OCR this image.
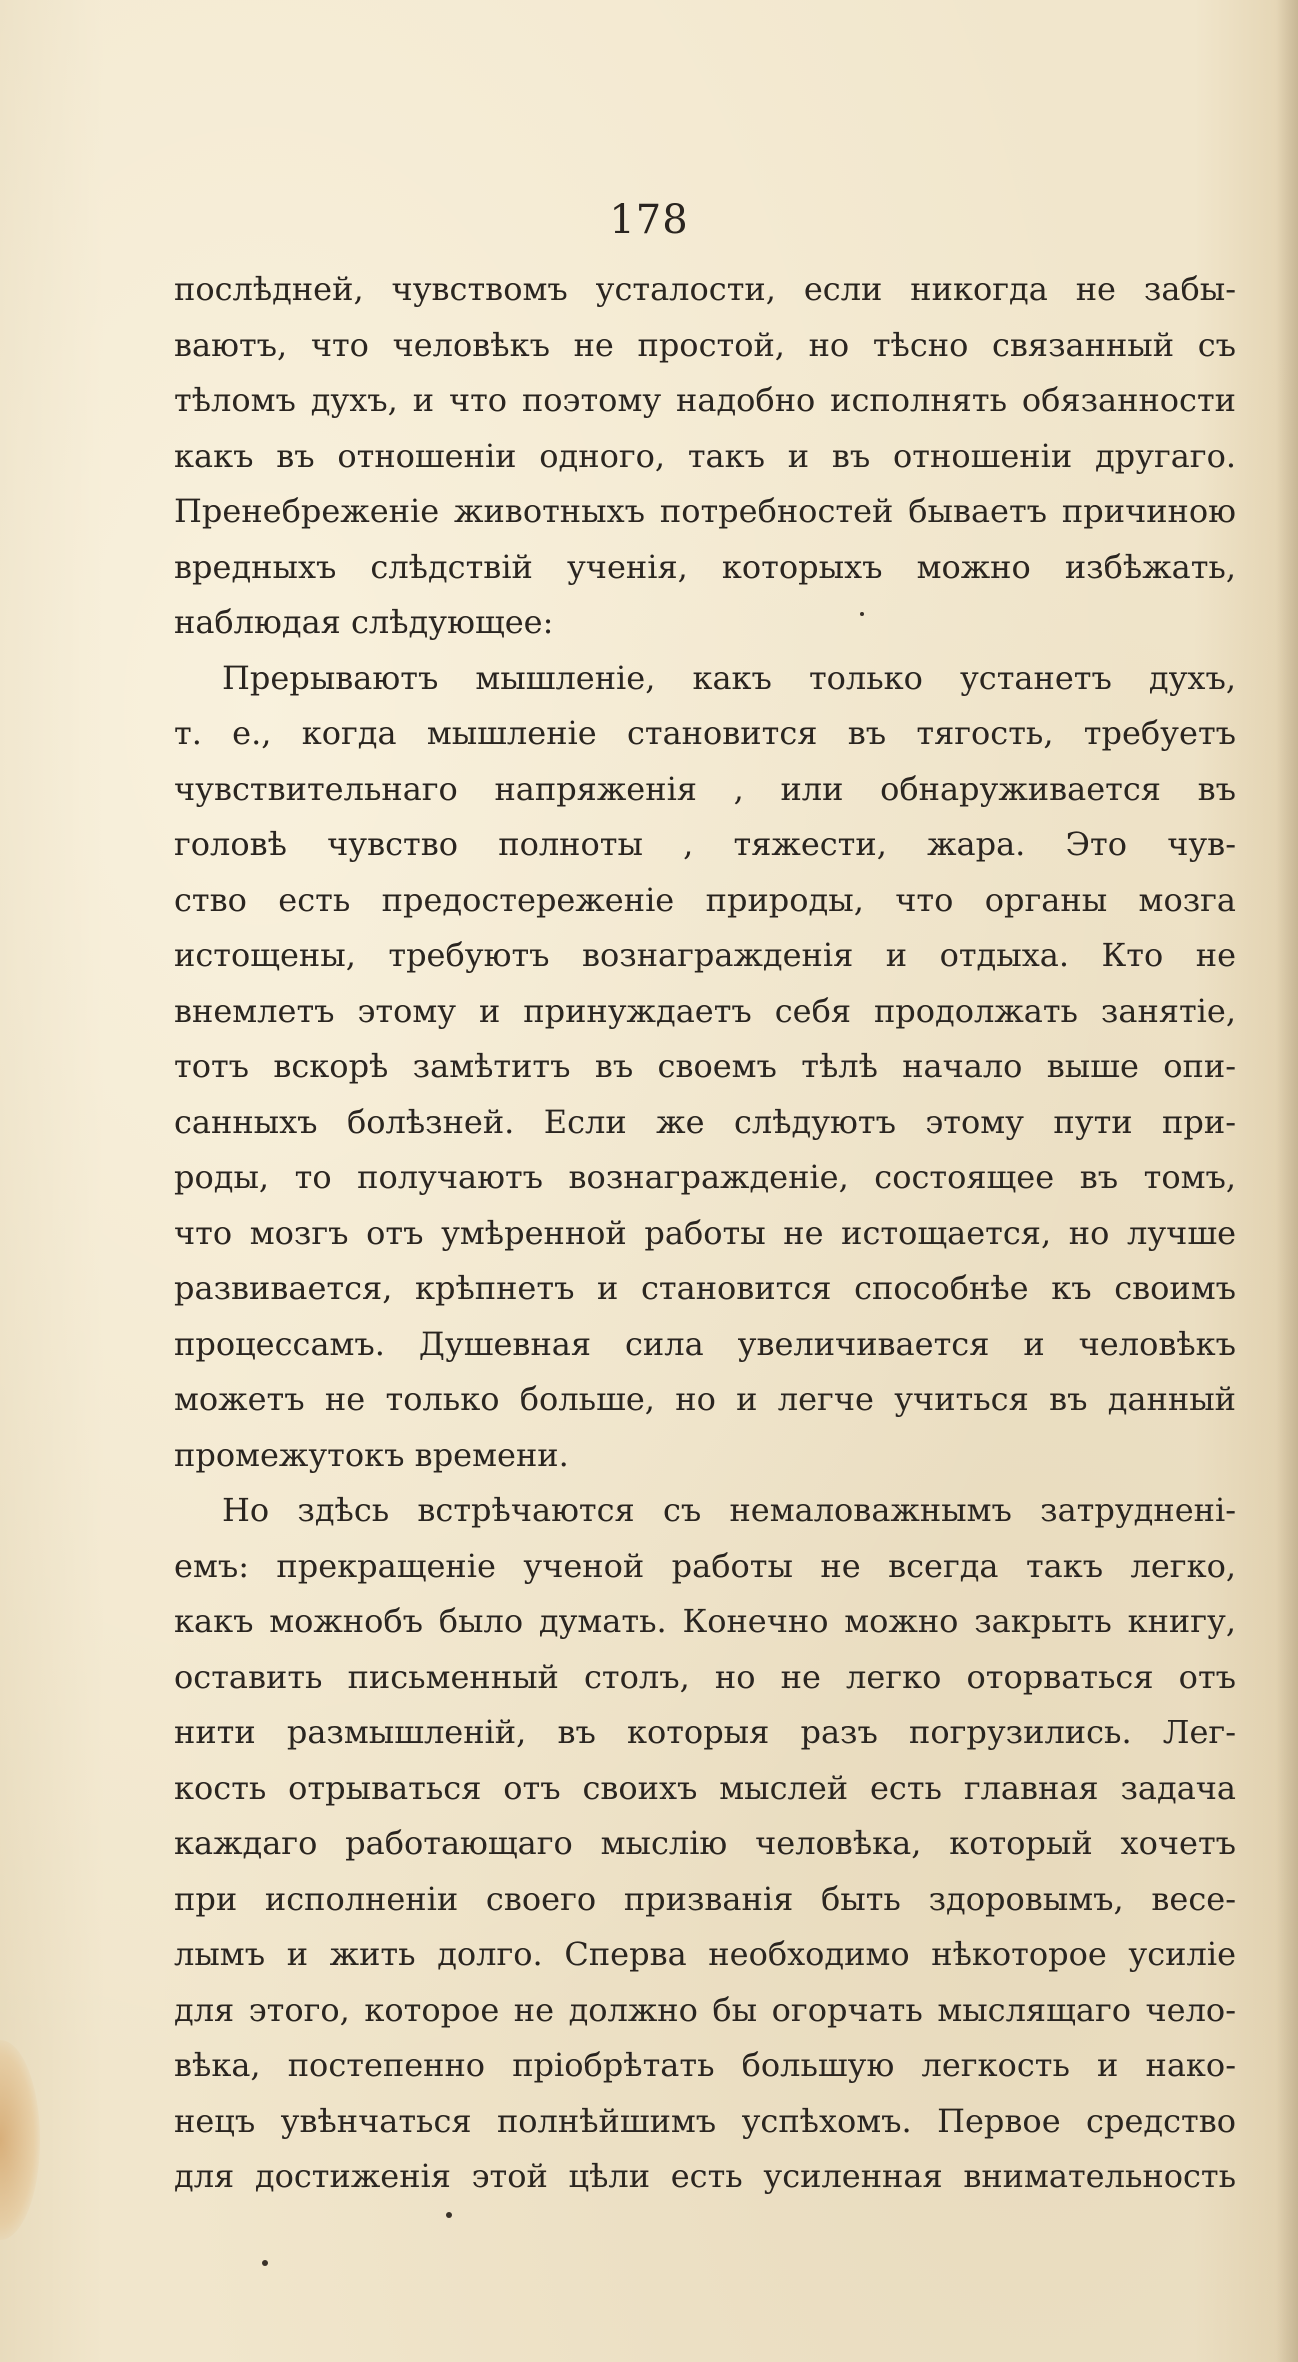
178
послѣдней, чувствомъ усталости, если никогда не забы-
ваютъ, что человѣкъ не простой, но тѣсно связанный съ
тѣломъ духъ, и что поэтому надобно исполнять обязанности
какъ въ отношеніи одного, такъ и въ отношеніи другаго.
Пренебреженіе животныхъ потребностей бываетъ причиною
вредныхъ слѣдствій ученія, которыхъ можно избѣжать,
наблюдая слѣдующее:
Прерываютъ мышленіе, какъ только устанетъ духъ,
т. е., когда мышленіе становится въ тягость, требуетъ
чувствительнаго напряженія , или обнаруживается въ
головѣ чувство полноты , тяжести, жара. Это чув-
ство есть предостереженіе природы, что органы мозга
истощены, требуютъ вознагражденія и отдыха. Кто не
внемлетъ этому и принуждаетъ себя продолжать занятіе,
тотъ вскорѣ замѣтитъ въ своемъ тѣлѣ начало выше опи-
санныхъ болѣзней. Если же слѣдуютъ этому пути при-
роды, то получаютъ вознагражденіе, состоящее въ томъ,
что мозгъ отъ умѣренной работы не истощается, но лучше
развивается, крѣпнетъ и становится способнѣе къ своимъ
процессамъ. Душевная сила увеличивается и человѣкъ
можетъ не только больше, но и легче учиться въ данный
промежутокъ времени.
Но здѣсь встрѣчаются съ немаловажнымъ затрудненi-
емъ: прекращеніе ученой работы не всегда такъ легко,
какъ можнобъ было думать. Конечно можно закрыть книгу,
оставить письменный столъ, но не легко оторваться отъ
нити размышленій, въ которыя разъ погрузились. Лег-
кость отрываться отъ своихъ мыслей есть главная задача
каждаго работающаго мыслію человѣка, который хочетъ
при исполненіи своего призванія быть здоровымъ, весе-
лымъ и жить долго. Сперва необходимо нѣкоторое усиліе
для этого, которое не должно бы огорчать мыслящаго чело-
вѣка, постепенно пріобрѣтать большую легкость и нако-
нецъ увѣнчаться полнѣйшимъ успѣхомъ. Первое средство
для достиженія этой цѣли есть усиленная внимательность
